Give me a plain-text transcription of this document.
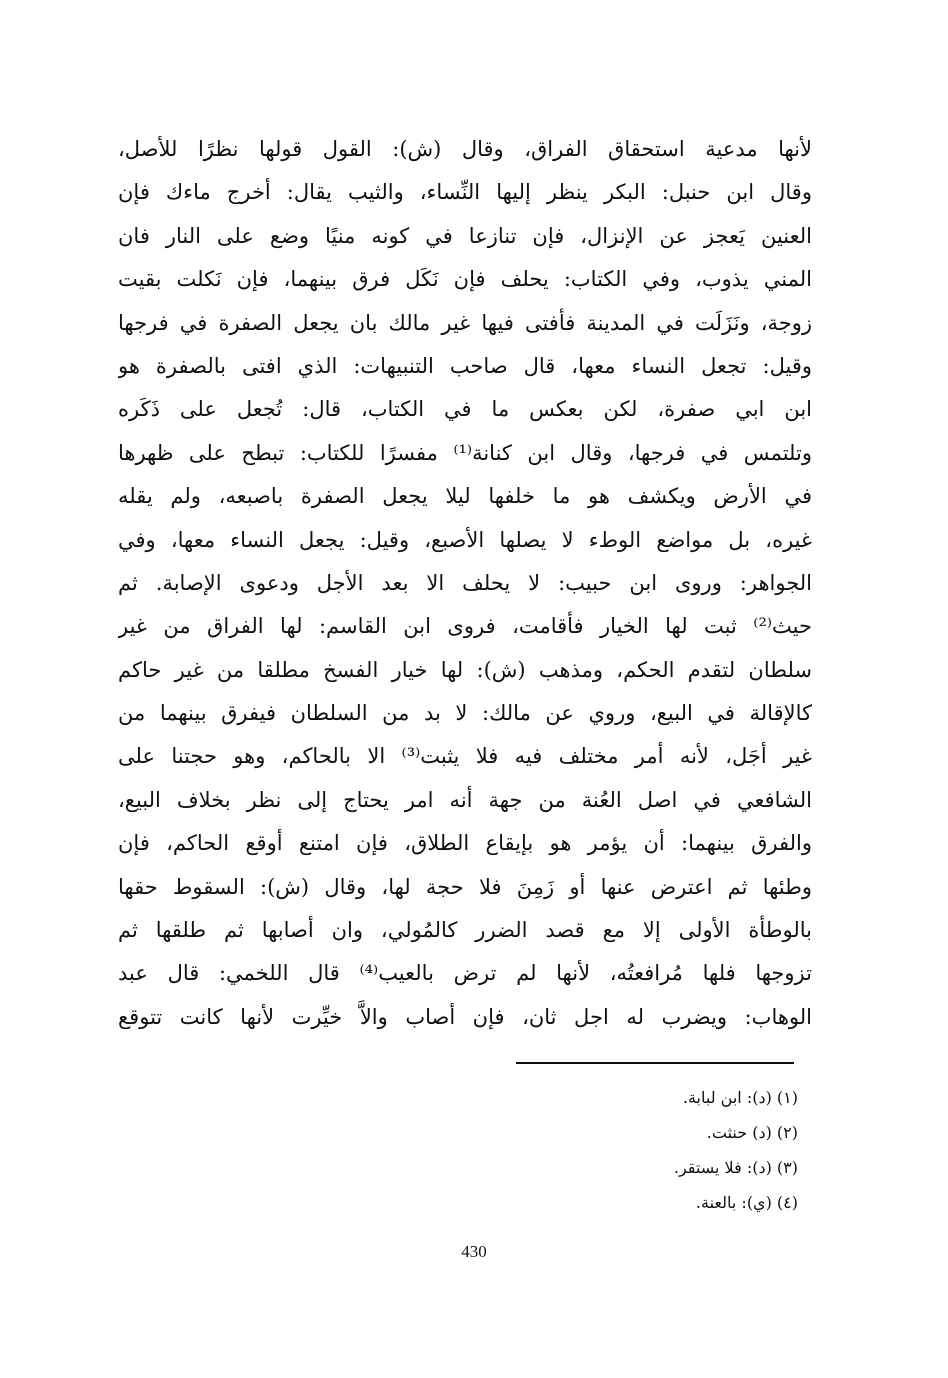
لأنها مدعية استحقاق الفراق، وقال (ش): القول قولها نظرًا للأصل،
وقال ابن حنبل: البكر ينظر إليها النِّساء، والثيب يقال: أخرج ماءك فإن
العنين يَعجز عن الإنزال، فإن تنازعا في كونه منيًا وضع على النار فان
المني يذوب، وفي الكتاب: يحلف فإن نَكَل فرق بينهما، فإن نَكلت بقيت
زوجة، ونَزَلَت في المدينة فأفتى فيها غير مالك بان يجعل الصفرة في فرجها
وقيل: تجعل النساء معها، قال صاحب التنبيهات: الذي افتى بالصفرة هو
ابن ابي صفرة، لكن بعكس ما في الكتاب، قال: تُجعل على ذَكَره
وتلتمس في فرجها، وقال ابن كنانة⁽¹⁾ مفسرًا للكتاب: تبطح على ظهرها
في الأرض ويكشف هو ما خلفها ليلا يجعل الصفرة باصبعه، ولم يقله
غيره، بل مواضع الوطء لا يصلها الأصبع، وقيل: يجعل النساء معها، وفي
الجواهر: وروى ابن حبيب: لا يحلف الا بعد الأجل ودعوى الإصابة. ثم
حيث⁽²⁾ ثبت لها الخيار فأقامت، فروى ابن القاسم: لها الفراق من غير
سلطان لتقدم الحكم، ومذهب (ش): لها خيار الفسخ مطلقا من غير حاكم
كالإقالة في البيع، وروي عن مالك: لا بد من السلطان فيفرق بينهما من
غير أجَل، لأنه أمر مختلف فيه فلا يثبت⁽³⁾ الا بالحاكم، وهو حجتنا على
الشافعي في اصل العُنة من جهة أنه امر يحتاج إلى نظر بخلاف البيع،
والفرق بينهما: أن يؤمر هو بإيقاع الطلاق، فإن امتنع أوقع الحاكم، فإن
وطئها ثم اعترض عنها أو زَمِنَ فلا حجة لها، وقال (ش): السقوط حقها
بالوطأة الأولى إلا مع قصد الضرر كالمُولي، وان أصابها ثم طلقها ثم
تزوجها فلها مُرافعتُه، لأنها لم ترض بالعيب⁽⁴⁾ قال اللخمي: قال عبد
الوهاب: ويضرب له اجل ثان، فإن أصاب والاَّ خيِّرت لأنها كانت تتوقع
(١) (د): ابن لبابة.
(٢) (د) حنثت.
(٣) (د): فلا يستقر.
(٤) (ي): بالعنة.
430
